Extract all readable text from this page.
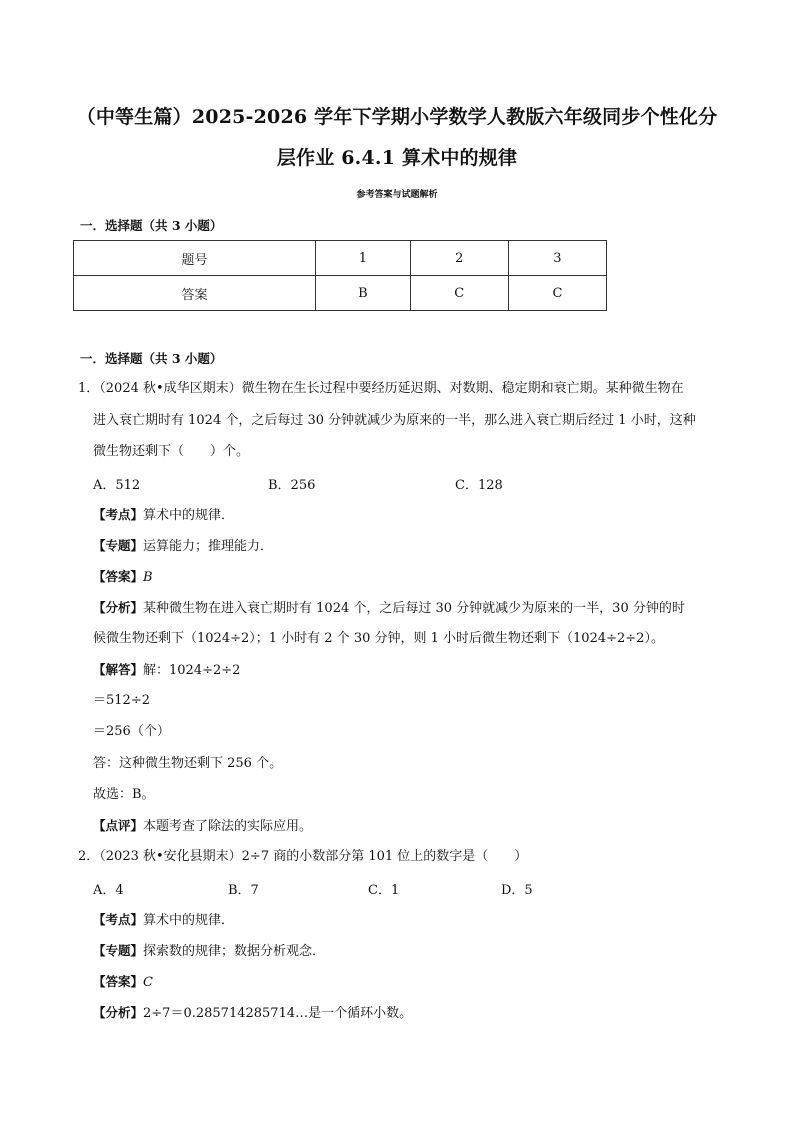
（中等生篇）2025-2026 学年下学期小学数学人教版六年级同步个性化分
层作业 6.4.1 算术中的规律
参考答案与试题解析
一．选择题（共 3 小题）
题号	1	2	3
答案	B	C	C
一．选择题（共 3 小题）
1．（2024 秋•成华区期末）微生物在生长过程中要经历延迟期、对数期、稳定期和衰亡期。某种微生物在
进入衰亡期时有 1024 个，之后每过 30 分钟就减少为原来的一半，那么进入衰亡期后经过 1 小时，这种
微生物还剩下（　　）个。
A．512	B．256	C．128
【考点】算术中的规律．
【专题】运算能力；推理能力．
【答案】B
【分析】某种微生物在进入衰亡期时有 1024 个，之后每过 30 分钟就减少为原来的一半，30 分钟的时
候微生物还剩下（1024÷2）；1 小时有 2 个 30 分钟，则 1 小时后微生物还剩下（1024÷2÷2）。
【解答】解：1024÷2÷2
＝512÷2
＝256（个）
答：这种微生物还剩下 256 个。
故选：B。
【点评】本题考查了除法的实际应用。
2．（2023 秋•安化县期末）2÷7 商的小数部分第 101 位上的数字是（　　）
A．4	B．7	C．1	D．5
【考点】算术中的规律．
【专题】探索数的规律；数据分析观念．
【答案】C
【分析】2÷7＝0.285714285714…是一个循环小数。
